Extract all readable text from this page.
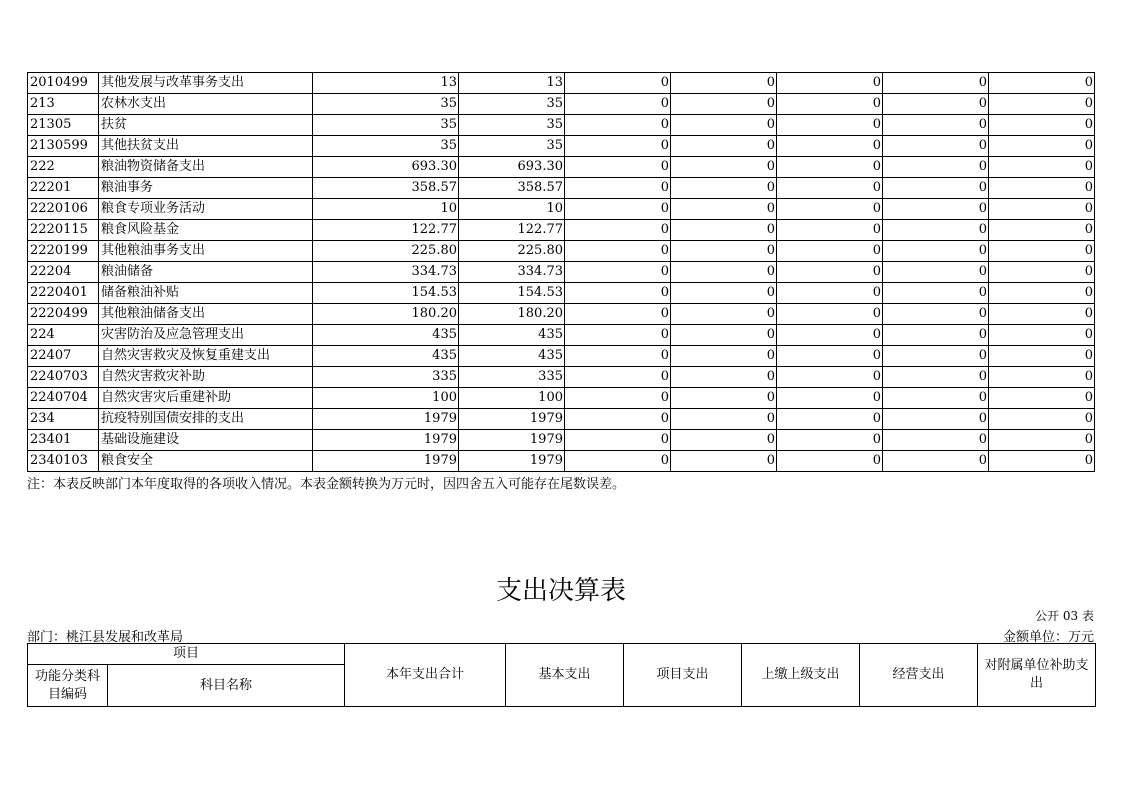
2010499	其他发展与改革事务支出	13	13	0	0	0	0	0
213	农林水支出	35	35	0	0	0	0	0
21305	扶贫	35	35	0	0	0	0	0
2130599	其他扶贫支出	35	35	0	0	0	0	0
222	粮油物资储备支出	693.30	693.30	0	0	0	0	0
22201	粮油事务	358.57	358.57	0	0	0	0	0
2220106	粮食专项业务活动	10	10	0	0	0	0	0
2220115	粮食风险基金	122.77	122.77	0	0	0	0	0
2220199	其他粮油事务支出	225.80	225.80	0	0	0	0	0
22204	粮油储备	334.73	334.73	0	0	0	0	0
2220401	储备粮油补贴	154.53	154.53	0	0	0	0	0
2220499	其他粮油储备支出	180.20	180.20	0	0	0	0	0
224	灾害防治及应急管理支出	435	435	0	0	0	0	0
22407	自然灾害救灾及恢复重建支出	435	435	0	0	0	0	0
2240703	自然灾害救灾补助	335	335	0	0	0	0	0
2240704	自然灾害灾后重建补助	100	100	0	0	0	0	0
234	抗疫特别国债安排的支出	1979	1979	0	0	0	0	0
23401	基础设施建设	1979	1979	0	0	0	0	0
2340103	粮食安全	1979	1979	0	0	0	0	0
注：本表反映部门本年度取得的各项收入情况。本表金额转换为万元时，因四舍五入可能存在尾数误差。
支出决算表
公开 03 表
部门：桃江县发展和改革局	金额单位：万元
项目		本年支出合计	基本支出	项目支出	上缴上级支出	经营支出	对附属单位补助支出
功能分类科目编码	科目名称						
